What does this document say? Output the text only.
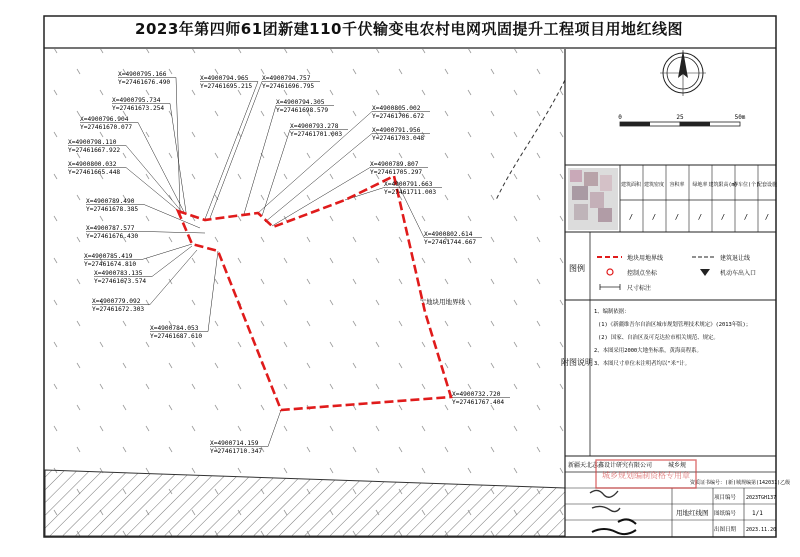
0	25	50m
建筑面积 建筑密度 容积率 绿地率 建筑限高(m)
停车位(个)
配套设施
/	/	/	/	/	/ /
图例
地块用地界线	建筑退让线
控制点坐标	机动车出入口
尺寸标注
附图说明
1、编制依据：
(1)《新疆维吾尔自治区城市规划管理技术规定》(2013年版)；
(2) 国家、自治区及可克达拉市相关规范、规定。
2、本图采用2000大地坐标系，黄海高程系。
3、本图尺寸单位未注明者均以"米"计。
新疆天北志鑫设计研究有限公司	城乡规
资质证书编号：(新)城规编第(142031)乙级
项目编号 2023TGH137
用地红线图 图纸编号	1/1
出图日期 2023.11.20
城乡规划编制资格专用章
地块用地界线
X=4900795.166
Y=27461676.490
X=4900794.965
Y=27461695.215
X=4900794.757
Y=27461696.795
X=4900795.734
Y=27461673.254
X=4900794.305
Y=27461698.579
X=4900796.904
Y=27461670.077
X=4900805.002
Y=27461706.672
X=4900793.278
Y=27461701.003
X=4900798.110
Y=27461667.922
X=4900791.956
Y=27461703.048
X=4900800.032
Y=27461665.448
X=4900789.807
Y=27461705.297
X=4900791.663
Y=27461711.003
X=4900789.490
Y=27461678.385
X=4900802.614
Y=27461744.667
X=4900787.577
Y=27461676.430
X=4900785.419
Y=27461674.810
X=4900783.135
Y=27461673.574
X=4900779.092
Y=27461672.303
X=4900784.053
Y=27461687.610
X=4900732.720
Y=27461767.404
X=4900714.159
Y=27461710.347
2023年第四师61团新建110千伏输变电农村电网巩固提升工程项目用地红线图
